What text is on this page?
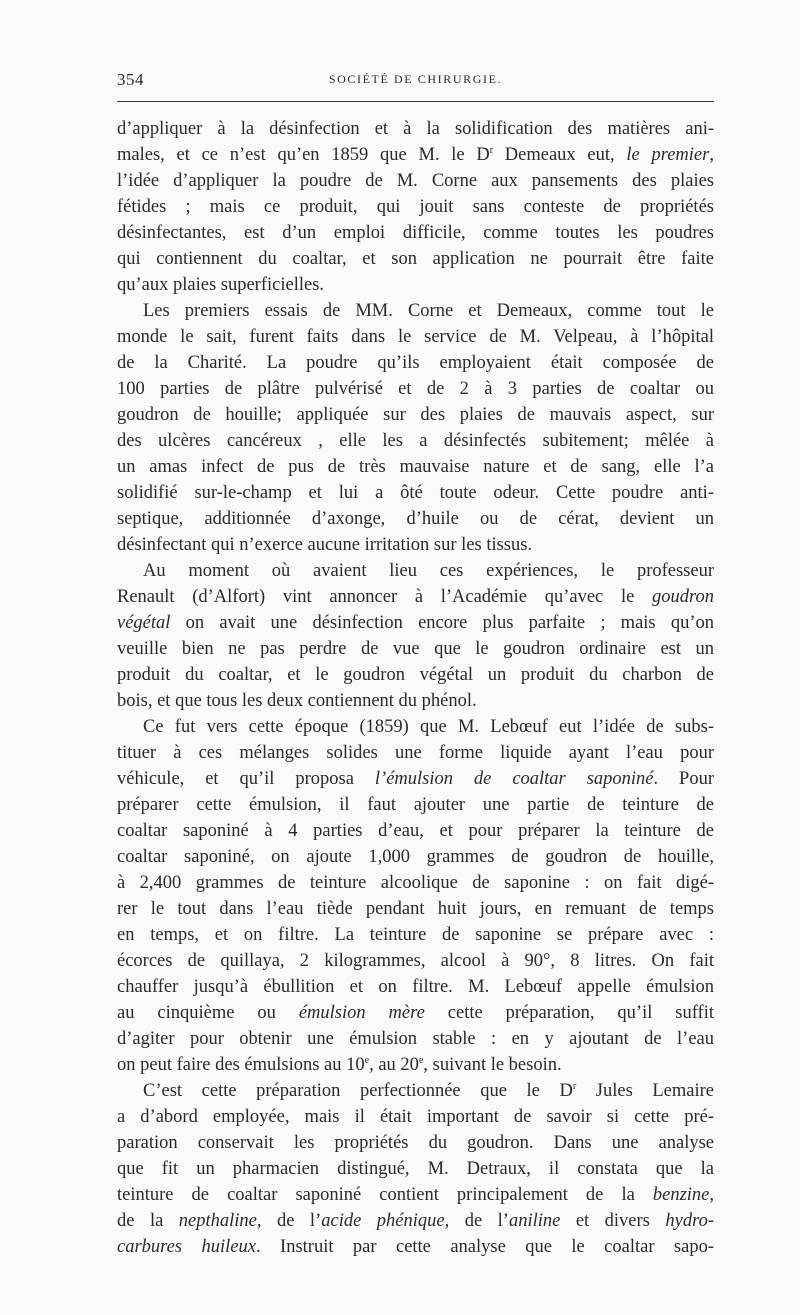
354	SOCIÉTÉ DE CHIRURGIE.
d’appliquer à la désinfection et à la solidification des matières ani-
males, et ce n’est qu’en 1859 que M. le $D^r$ Demeaux eut, le premier,
l’idée d’appliquer la poudre de M. Corne aux pansements des plaies
fétides ; mais ce produit, qui jouit sans conteste de propriétés
désinfectantes, est d’un emploi difficile, comme toutes les poudres
qui contiennent du coaltar, et son application ne pourrait être faite
qu’aux plaies superficielles.
Les premiers essais de MM. Corne et Demeaux, comme tout le
monde le sait, furent faits dans le service de M. Velpeau, à l’hôpital
de la Charité. La poudre qu’ils employaient était composée de
100 parties de plâtre pulvérisé et de 2 à 3 parties de coaltar ou
goudron de houille; appliquée sur des plaies de mauvais aspect, sur
des ulcères cancéreux , elle les a désinfectés subitement; mêlée à
un amas infect de pus de très mauvaise nature et de sang, elle l’a
solidifié sur-le-champ et lui a ôté toute odeur. Cette poudre anti-
septique, additionnée d’axonge, d’huile ou de cérat, devient un
désinfectant qui n’exerce aucune irritation sur les tissus.
Au moment où avaient lieu ces expériences, le professeur
Renault (d’Alfort) vint annoncer à l’Académie qu’avec le goudron
végétal on avait une désinfection encore plus parfaite ; mais qu’on
veuille bien ne pas perdre de vue que le goudron ordinaire est un
produit du coaltar, et le goudron végétal un produit du charbon de
bois, et que tous les deux contiennent du phénol.
Ce fut vers cette époque (1859) que M. Lebœuf eut l’idée de subs-
tituer à ces mélanges solides une forme liquide ayant l’eau pour
véhicule, et qu’il proposa l’émulsion de coaltar saponiné. Pour
préparer cette émulsion, il faut ajouter une partie de teinture de
coaltar saponiné à 4 parties d’eau, et pour préparer la teinture de
coaltar saponiné, on ajoute 1,000 grammes de goudron de houille,
à 2,400 grammes de teinture alcoolique de saponine : on fait digé-
rer le tout dans l’eau tiède pendant huit jours, en remuant de temps
en temps, et on filtre. La teinture de saponine se prépare avec :
écorces de quillaya, 2 kilogrammes, alcool à 90°, 8 litres. On fait
chauffer jusqu’à ébullition et on filtre. M. Lebœuf appelle émulsion
au cinquième ou émulsion mère cette préparation, qu’il suffit
d’agiter pour obtenir une émulsion stable : en y ajoutant de l’eau
on peut faire des émulsions au 10e, au 20e, suivant le besoin.
C’est cette préparation perfectionnée que le $D^r$ Jules Lemaire
a d’abord employée, mais il était important de savoir si cette pré-
paration conservait les propriétés du goudron. Dans une analyse
que fit un pharmacien distingué, M. Detraux, il constata que la
teinture de coaltar saponiné contient principalement de la benzine,
de la nepthaline, de l’acide phénique, de l’aniline et divers hydro-
carbures huileux. Instruit par cette analyse que le coaltar sapo-
